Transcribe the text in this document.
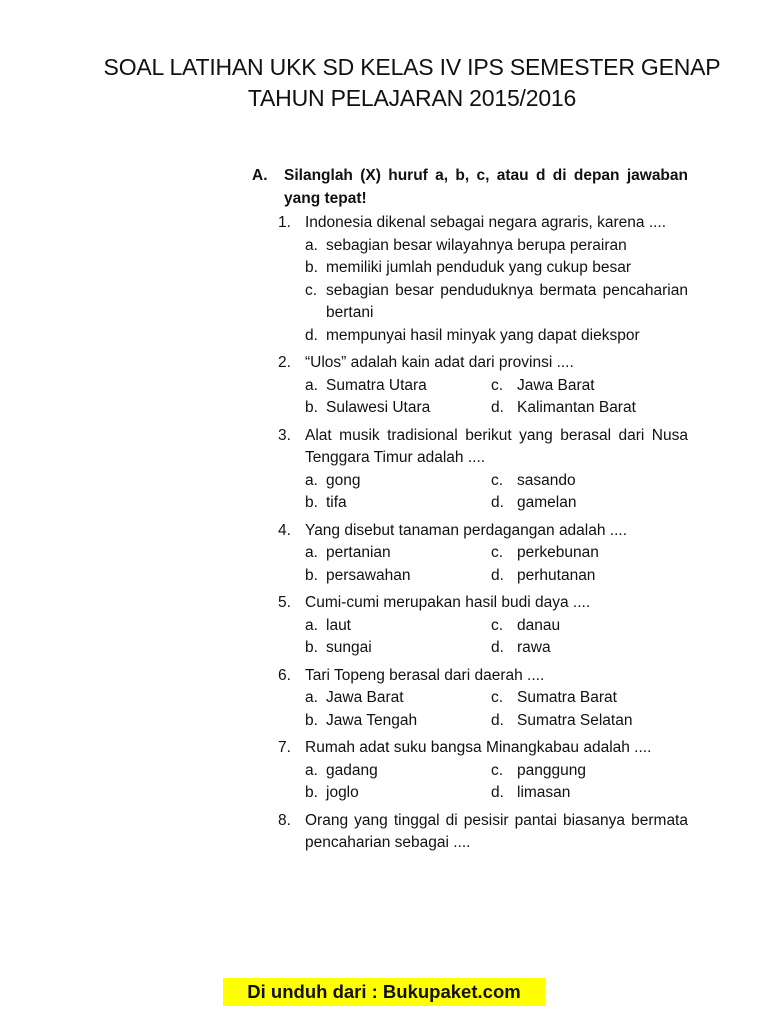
SOAL LATIHAN UKK SD KELAS IV IPS SEMESTER GENAP
TAHUN PELAJARAN 2015/2016
A. Silanglah (X) huruf a, b, c, atau d di depan jawaban yang tepat!
1. Indonesia dikenal sebagai negara agraris, karena ....
a. sebagian besar wilayahnya berupa perairan
b. memiliki jumlah penduduk yang cukup besar
c. sebagian besar penduduknya bermata pencaharian bertani
d. mempunyai hasil minyak yang dapat diekspor
2. “Ulos” adalah kain adat dari provinsi ....
a. Sumatra Utara	c. Jawa Barat
b. Sulawesi Utara	d. Kalimantan Barat
3. Alat musik tradisional berikut yang berasal dari Nusa Tenggara Timur adalah ....
a. gong	c. sasando
b. tifa	d. gamelan
4. Yang disebut tanaman perdagangan adalah ....
a. pertanian	c. perkebunan
b. persawahan	d. perhutanan
5. Cumi-cumi merupakan hasil budi daya ....
a. laut	c. danau
b. sungai	d. rawa
6. Tari Topeng berasal dari daerah ....
a. Jawa Barat	c. Sumatra Barat
b. Jawa Tengah	d. Sumatra Selatan
7. Rumah adat suku bangsa Minangkabau adalah ....
a. gadang	c. panggung
b. joglo	d. limasan
8. Orang yang tinggal di pesisir pantai biasanya bermata pencaharian sebagai ....
Di unduh dari : Bukupaket.com
